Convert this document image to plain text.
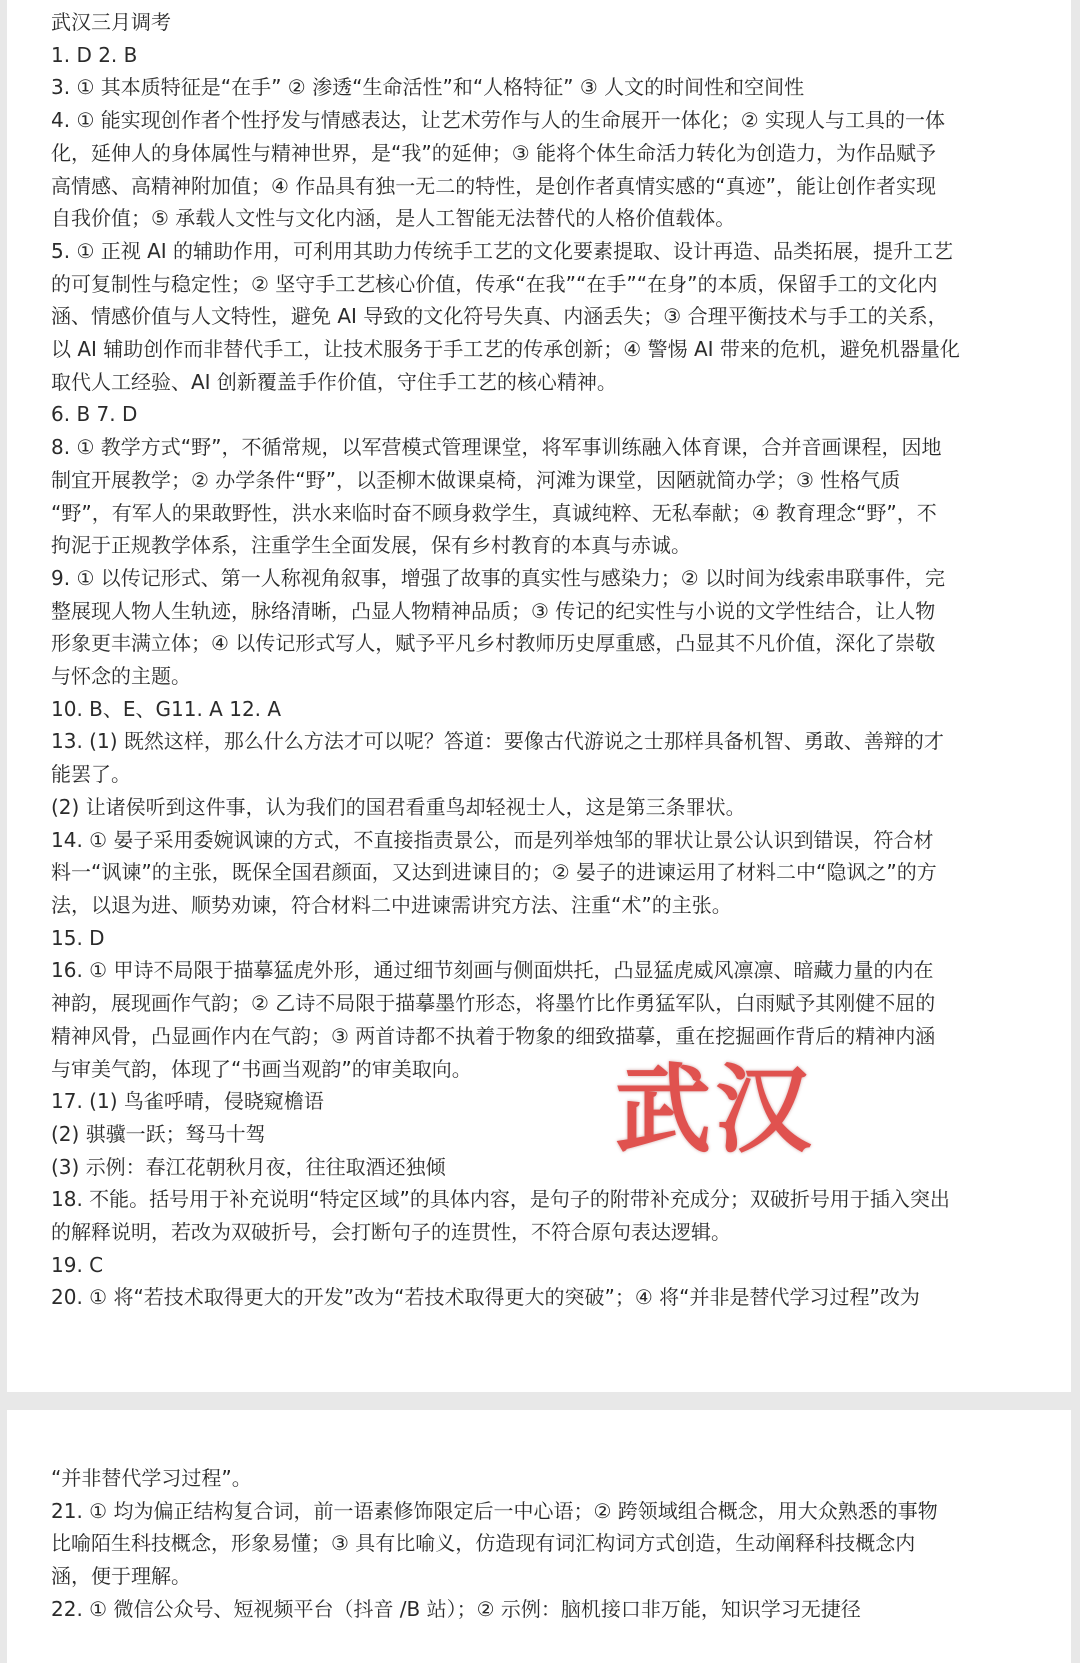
武汉三月调考
1. D 2. B
3. ① 其本质特征是“在手” ② 渗透“生命活性”和“人格特征” ③ 人文的时间性和空间性
4. ① 能实现创作者个性抒发与情感表达，让艺术劳作与人的生命展开一体化；② 实现人与工具的一体
化，延伸人的身体属性与精神世界，是“我”的延伸；③ 能将个体生命活力转化为创造力，为作品赋予
高情感、高精神附加值；④ 作品具有独一无二的特性，是创作者真情实感的“真迹”，能让创作者实现
自我价值；⑤ 承载人文性与文化内涵，是人工智能无法替代的人格价值载体。
5. ① 正视 AI 的辅助作用，可利用其助力传统手工艺的文化要素提取、设计再造、品类拓展，提升工艺
的可复制性与稳定性；② 坚守手工艺核心价值，传承“在我”“在手”“在身”的本质，保留手工的文化内
涵、情感价值与人文特性，避免 AI 导致的文化符号失真、内涵丢失；③ 合理平衡技术与手工的关系，
以 AI 辅助创作而非替代手工，让技术服务于手工艺的传承创新；④ 警惕 AI 带来的危机，避免机器量化
取代人工经验、AI 创新覆盖手作价值，守住手工艺的核心精神。
6. B 7. D
8. ① 教学方式“野”，不循常规，以军营模式管理课堂，将军事训练融入体育课，合并音画课程，因地
制宜开展教学；② 办学条件“野”，以歪柳木做课桌椅，河滩为课堂，因陋就简办学；③ 性格气质
“野”，有军人的果敢野性，洪水来临时奋不顾身救学生，真诚纯粹、无私奉献；④ 教育理念“野”，不
拘泥于正规教学体系，注重学生全面发展，保有乡村教育的本真与赤诚。
9. ① 以传记形式、第一人称视角叙事，增强了故事的真实性与感染力；② 以时间为线索串联事件，完
整展现人物人生轨迹，脉络清晰，凸显人物精神品质；③ 传记的纪实性与小说的文学性结合，让人物
形象更丰满立体；④ 以传记形式写人，赋予平凡乡村教师历史厚重感，凸显其不凡价值，深化了崇敬
与怀念的主题。
10. B、E、G11. A 12. A
13. (1) 既然这样，那么什么方法才可以呢？答道：要像古代游说之士那样具备机智、勇敢、善辩的才
能罢了。
(2) 让诸侯听到这件事，认为我们的国君看重鸟却轻视士人，这是第三条罪状。
14. ① 晏子采用委婉讽谏的方式，不直接指责景公，而是列举烛邹的罪状让景公认识到错误，符合材
料一“讽谏”的主张，既保全国君颜面，又达到进谏目的；② 晏子的进谏运用了材料二中“隐讽之”的方
法，以退为进、顺势劝谏，符合材料二中进谏需讲究方法、注重“术”的主张。
15. D
16. ① 甲诗不局限于描摹猛虎外形，通过细节刻画与侧面烘托，凸显猛虎威风凛凛、暗藏力量的内在
神韵，展现画作气韵；② 乙诗不局限于描摹墨竹形态，将墨竹比作勇猛军队，白雨赋予其刚健不屈的
精神风骨，凸显画作内在气韵；③ 两首诗都不执着于物象的细致描摹，重在挖掘画作背后的精神内涵
与审美气韵，体现了“书画当观韵”的审美取向。
17. (1) 鸟雀呼晴，侵晓窥檐语
(2) 骐骥一跃；驽马十驾
(3) 示例：春江花朝秋月夜，往往取酒还独倾
18. 不能。括号用于补充说明“特定区域”的具体内容，是句子的附带补充成分；双破折号用于插入突出
的解释说明，若改为双破折号，会打断句子的连贯性，不符合原句表达逻辑。
19. C
20. ① 将“若技术取得更大的开发”改为“若技术取得更大的突破”；④ 将“并非是替代学习过程”改为
武汉
“并非替代学习过程”。
21. ① 均为偏正结构复合词，前一语素修饰限定后一中心语；② 跨领域组合概念，用大众熟悉的事物
比喻陌生科技概念，形象易懂；③ 具有比喻义，仿造现有词汇构词方式创造，生动阐释科技概念内
涵，便于理解。
22. ① 微信公众号、短视频平台（抖音 /B 站）；② 示例：脑机接口非万能，知识学习无捷径
